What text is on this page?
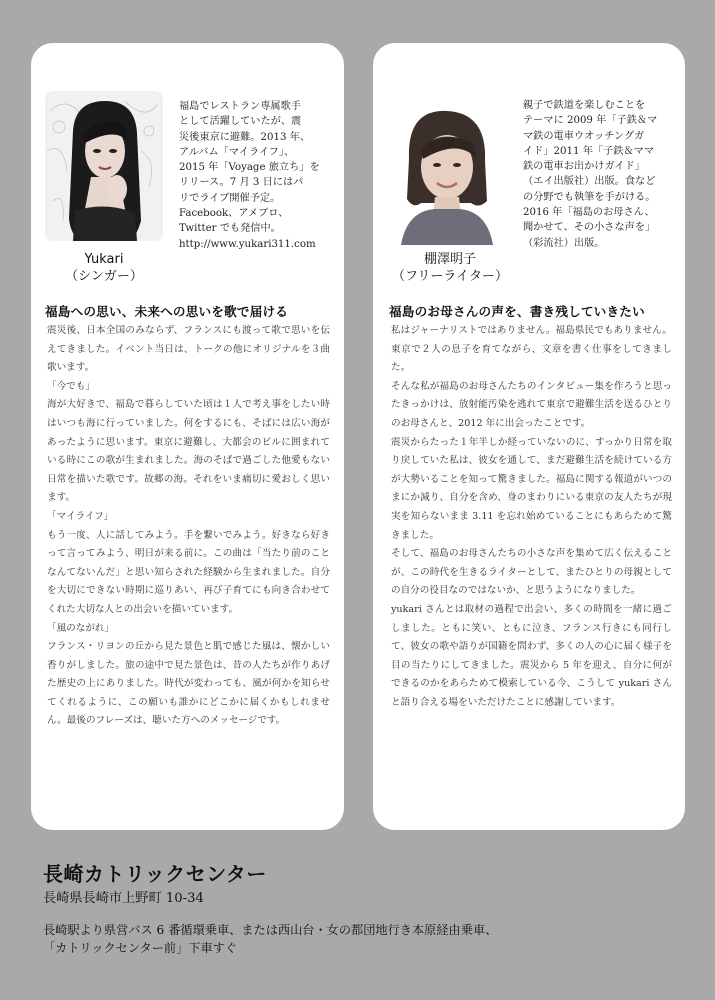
福島でレストラン専属歌手
として活躍していたが、震
災後東京に避難。2013 年、
アルバム「マイライフ」、
2015 年「Voyage 旅立ち」を
リリース。7 月 3 日にはパ
リでライブ開催予定。
Facebook、アメブロ、
Twitter でも発信中。
http://www.yukari311.com
Yukari
（シンガー）
福島への思い、未来への思いを歌で届ける
震災後、日本全国のみならず、フランスにも渡って歌で思いを伝えてきました。イベント当日は、トークの他にオリジナルを３曲歌います。
「今でも」
海が大好きで、福島で暮らしていた頃は１人で考え事をしたい時はいつも海に行っていました。何をするにも、そばには広い海があったように思います。東京に避難し、大都会のビルに囲まれている時にこの歌が生まれました。海のそばで過ごした他愛もない日常を描いた歌です。故郷の海。それをいま痛切に愛おしく思います。
「マイライフ」
もう一度、人に話してみよう。手を繋いでみよう。好きなら好きって言ってみよう、明日が来る前に。この曲は「当たり前のことなんてないんだ」と思い知らされた経験から生まれました。自分を大切にできない時期に巡りあい、再び子育てにも向き合わせてくれた大切な人との出会いを描いています。
「風のながれ」
フランス・リヨンの丘から見た景色と肌で感じた風は、懐かしい香りがしました。旅の途中で見た景色は、昔の人たちが作りあげた歴史の上にありました。時代が変わっても、風が何かを知らせてくれるように、この願いも誰かにどこかに届くかもしれません。最後のフレーズは、聴いた方へのメッセージです。
親子で鉄道を楽しむことを
テーマに 2009 年「子鉄＆マ
マ鉄の電車ウオッチングガ
イド」2011 年「子鉄＆ママ
鉄の電車お出かけガイド」
（エイ出版社）出版。食など
の分野でも執筆を手がける。
2016 年「福島のお母さん、
聞かせて、その小さな声を」
（彩流社）出版。
棚澤明子
（フリーライター）
福島のお母さんの声を、書き残していきたい
私はジャーナリストではありません。福島県民でもありません。東京で２人の息子を育てながら、文章を書く仕事をしてきました。
そんな私が福島のお母さんたちのインタビュー集を作ろうと思ったきっかけは、放射能汚染を逃れて東京で避難生活を送るひとりのお母さんと、2012 年に出会ったことです。
震災からたった１年半しか経っていないのに、すっかり日常を取り戻していた私は、彼女を通して、まだ避難生活を続けている方が大勢いることを知って驚きました。福島に関する報道がいつのまにか減り、自分を含め、身のまわりにいる東京の友人たちが現実を知らないまま 3.11 を忘れ始めていることにもあらためて驚きました。
そして、福島のお母さんたちの小さな声を集めて広く伝えることが、この時代を生きるライターとして、またひとりの母親としての自分の役目なのではないか、と思うようになりました。
yukari さんとは取材の過程で出会い、多くの時間を一緒に過ごしました。ともに笑い、ともに泣き、フランス行きにも同行して、彼女の歌や語りが国籍を問わず、多くの人の心に届く様子を目の当たりにしてきました。震災から 5 年を迎え、自分に何ができるのかをあらためて模索している今、こうして yukari さんと語り合える場をいただけたことに感謝しています。
長崎カトリックセンター
長崎県長崎市上野町 10-34
長崎駅より県営バス 6 番循環乗車、または西山台・女の都団地行き本原経由乗車、
「カトリックセンター前」下車すぐ
